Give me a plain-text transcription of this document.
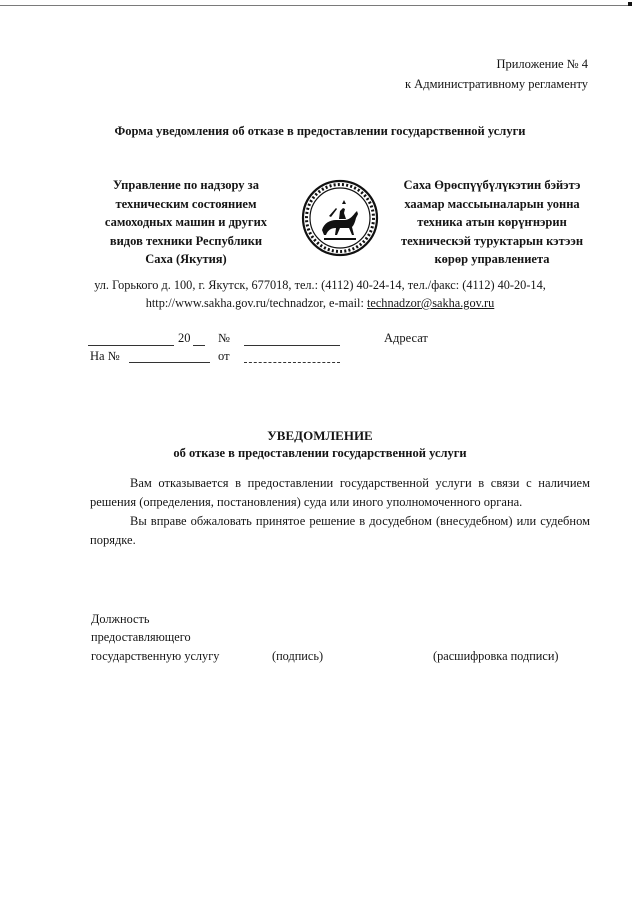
Приложение № 4
к Административному регламенту
Форма уведомления об отказе в предоставлении государственной услуги
Управление по надзору за
техническим состоянием
самоходных машин и других
видов техники Республики
Саха (Якутия)
Саха Өрөспүүбүлүкэтин бэйэтэ
хаамар массыыналарын уонна
техника атын көрүҥнэрин
техническэй туруктарын кэтээн
көрөр управлениета
ул. Горького д. 100, г. Якутск, 677018, тел.: (4112) 40-24-14, тел./факс: (4112) 40-20-14,
http://www.sakha.gov.ru/technadzor, e-mail: technadzor@sakha.gov.ru
20 №	Адресат
На №	от
УВЕДОМЛЕНИЕ
об отказе в предоставлении государственной услуги

Вам отказывается в предоставлении государственной услуги в связи с наличием решения (определения, постановления) суда или иного уполномоченного органа.

Вы вправе обжаловать принятое решение в досудебном (внесудебном) или судебном порядке.

Должность
предоставляющего
государственную услугу	(подпись)	(расшифровка подписи)
